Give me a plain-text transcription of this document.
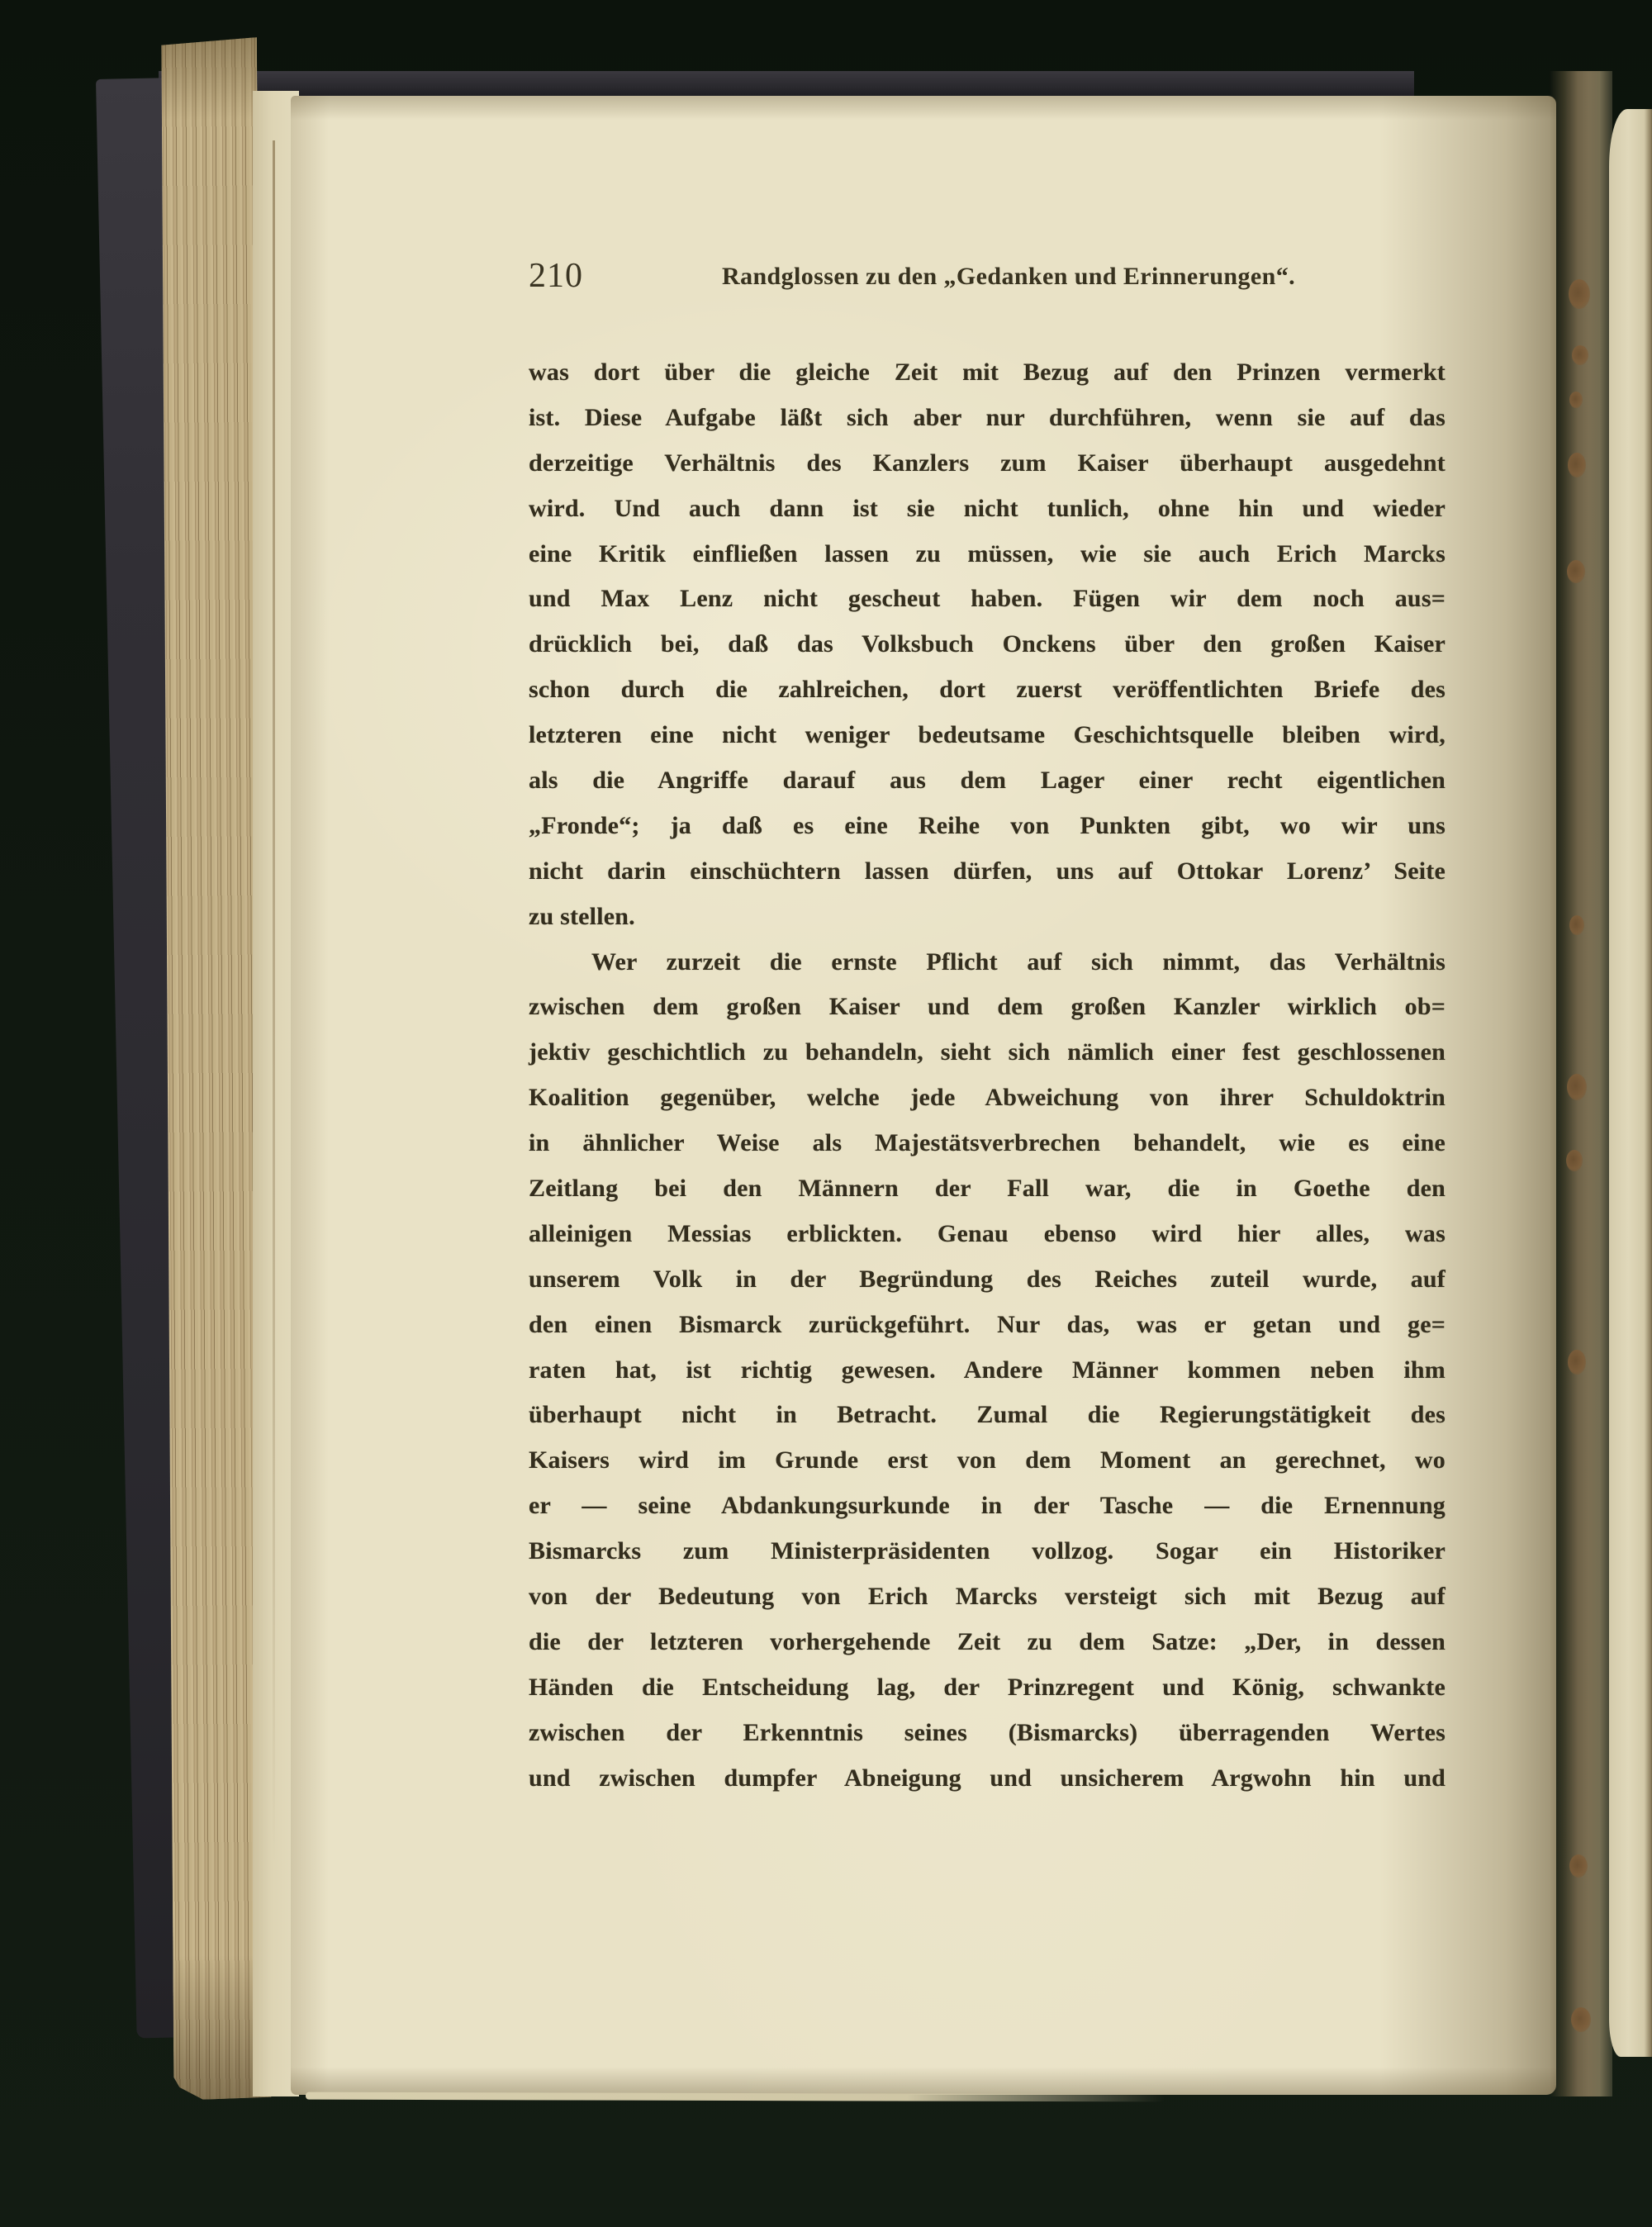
210	Randglossen zu den „Gedanken und Erinnerungen“.
was dort über die gleiche Zeit mit Bezug auf den Prinzen vermerkt
ist. Diese Aufgabe läßt sich aber nur durchführen, wenn sie auf das
derzeitige Verhältnis des Kanzlers zum Kaiser überhaupt ausgedehnt
wird. Und auch dann ist sie nicht tunlich, ohne hin und wieder
eine Kritik einfließen lassen zu müssen, wie sie auch Erich Marcks
und Max Lenz nicht gescheut haben. Fügen wir dem noch aus=
drücklich bei, daß das Volksbuch Onckens über den großen Kaiser
schon durch die zahlreichen, dort zuerst veröffentlichten Briefe des
letzteren eine nicht weniger bedeutsame Geschichtsquelle bleiben wird,
als die Angriffe darauf aus dem Lager einer recht eigentlichen
„Fronde“; ja daß es eine Reihe von Punkten gibt, wo wir uns
nicht darin einschüchtern lassen dürfen, uns auf Ottokar Lorenz’ Seite
zu stellen.
Wer zurzeit die ernste Pflicht auf sich nimmt, das Verhältnis
zwischen dem großen Kaiser und dem großen Kanzler wirklich ob=
jektiv geschichtlich zu behandeln, sieht sich nämlich einer fest geschlossenen
Koalition gegenüber, welche jede Abweichung von ihrer Schuldoktrin
in ähnlicher Weise als Majestätsverbrechen behandelt, wie es eine
Zeitlang bei den Männern der Fall war, die in Goethe den
alleinigen Messias erblickten. Genau ebenso wird hier alles, was
unserem Volk in der Begründung des Reiches zuteil wurde, auf
den einen Bismarck zurückgeführt. Nur das, was er getan und ge=
raten hat, ist richtig gewesen. Andere Männer kommen neben ihm
überhaupt nicht in Betracht. Zumal die Regierungstätigkeit des
Kaisers wird im Grunde erst von dem Moment an gerechnet, wo
er — seine Abdankungsurkunde in der Tasche — die Ernennung
Bismarcks zum Ministerpräsidenten vollzog. Sogar ein Historiker
von der Bedeutung von Erich Marcks versteigt sich mit Bezug auf
die der letzteren vorhergehende Zeit zu dem Satze: „Der, in dessen
Händen die Entscheidung lag, der Prinzregent und König, schwankte
zwischen der Erkenntnis seines (Bismarcks) überragenden Wertes
und zwischen dumpfer Abneigung und unsicherem Argwohn hin und
